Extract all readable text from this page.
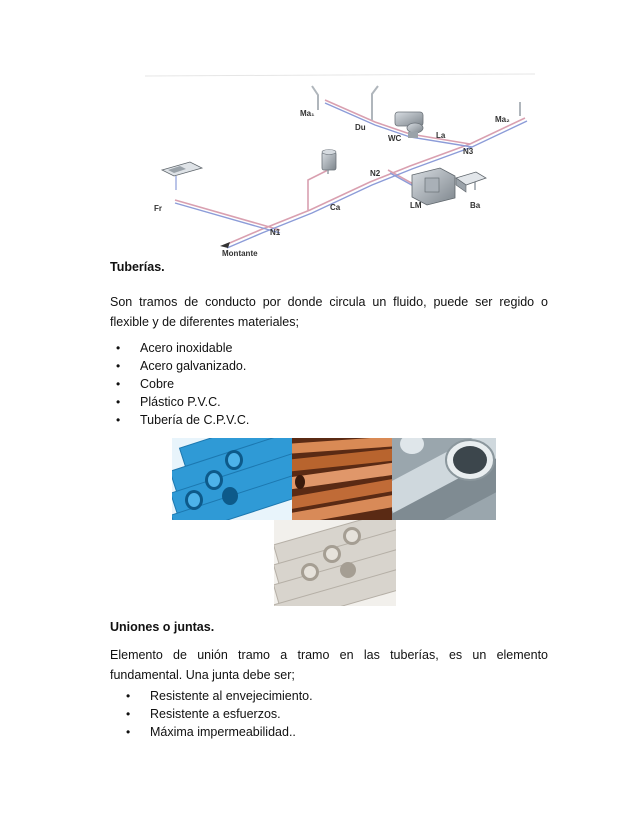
Ma₁
Du
WC	La
Ma₂
N3
N2
LM	Ba
Fr	Ca
N1
Montante
Tuberías.

Son tramos de conducto por donde circula un fluido, puede ser regido o
flexible y de diferentes materiales;

• Acero inoxidable
• Acero galvanizado.
• Cobre
• Plástico P.V.C.
• Tubería de C.P.V.C.
Uniones o juntas.

Elemento de unión tramo a tramo en las tuberías, es un elemento
fundamental. Una junta debe ser;

• Resistente al envejecimiento.
• Resistente a esfuerzos.
• Máxima impermeabilidad..
